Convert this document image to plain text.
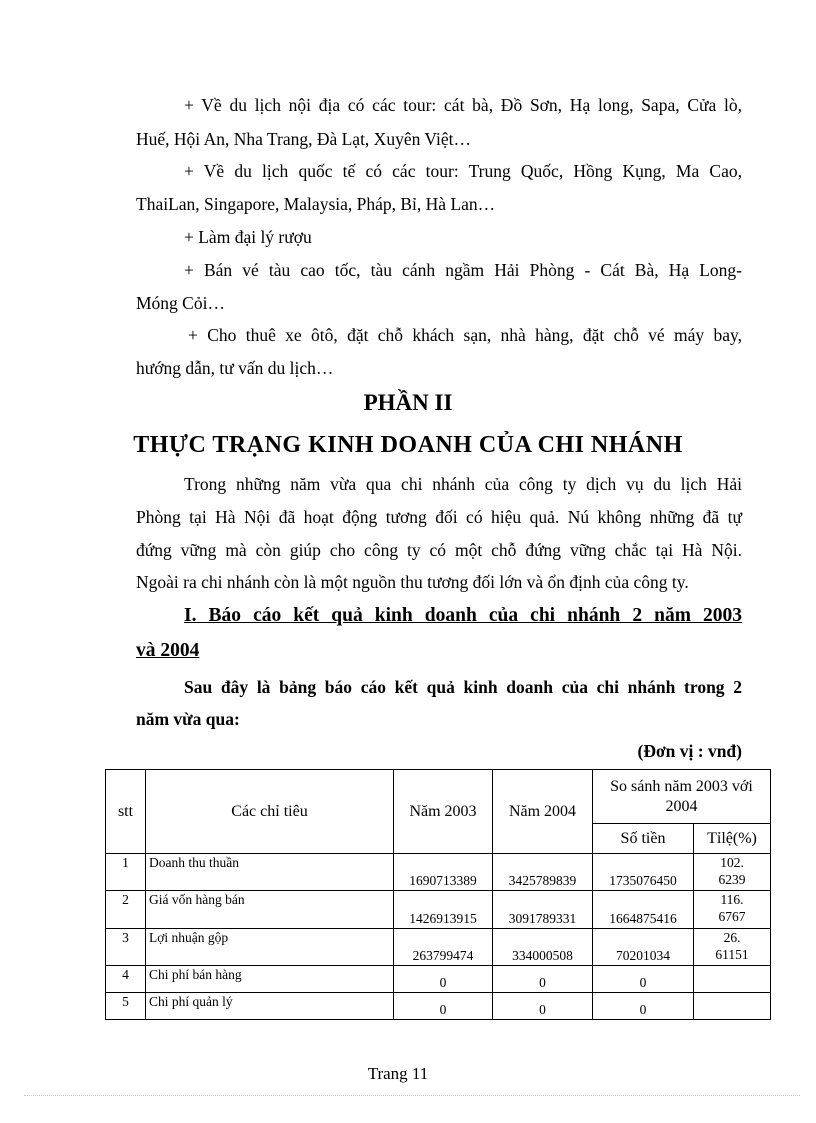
+ Về du lịch nội địa có các tour: cát bà, Đồ Sơn, Hạ long, Sapa, Cửa lò,
Huế, Hội An, Nha Trang, Đà Lạt, Xuyên Việt…
+ Về du lịch quốc tế có các tour: Trung Quốc, Hồng Kụng, Ma Cao,
ThaiLan, Singapore, Malaysia, Pháp, Bỉ, Hà Lan…
+ Làm đại lý rượu
+ Bán vé tàu cao tốc, tàu cánh ngầm Hải Phòng - Cát Bà, Hạ Long-
Móng Cỏi…
+ Cho thuê xe ôtô, đặt chỗ khách sạn, nhà hàng, đặt chỗ vé máy bay,
hướng dẫn, tư vấn du lịch…
PHẦN II
THỰC TRẠNG KINH DOANH CỦA CHI NHÁNH
Trong những năm vừa qua chi nhánh của công ty dịch vụ du lịch Hải
Phòng tại Hà Nội đã hoạt động tương đối có hiệu quả. Nú không những đã tự
đứng vững mà còn giúp cho công ty có một chỗ đứng vững chắc tại Hà Nội.
Ngoài ra chi nhánh còn là một nguồn thu tương đối lớn và ổn định của công ty.
I. Báo cáo kết quả kinh doanh của chi nhánh 2 năm 2003
và 2004
Sau đây là bảng báo cáo kết quả kinh doanh của chi nhánh trong 2
năm vừa qua:
(Đơn vị : vnđ)
stt	Các chỉ tiêu	Năm 2003	Năm 2004	So sánh năm 2003 với 2004	
				Số tiền	Tỉlệ(%)
1	Doanh thu thuần	1690713389	3425789839	1735076450	102.
6239

2	Giá vốn hàng bán	1426913915	3091789331	1664875416	116.
6767

3	Lợi nhuận gộp	263799474	334000508	70201034	26.
61151

4	Chi phí bán hàng	0	0	0	

5	Chi phí quản lý	0	0	0	
Trang 11
